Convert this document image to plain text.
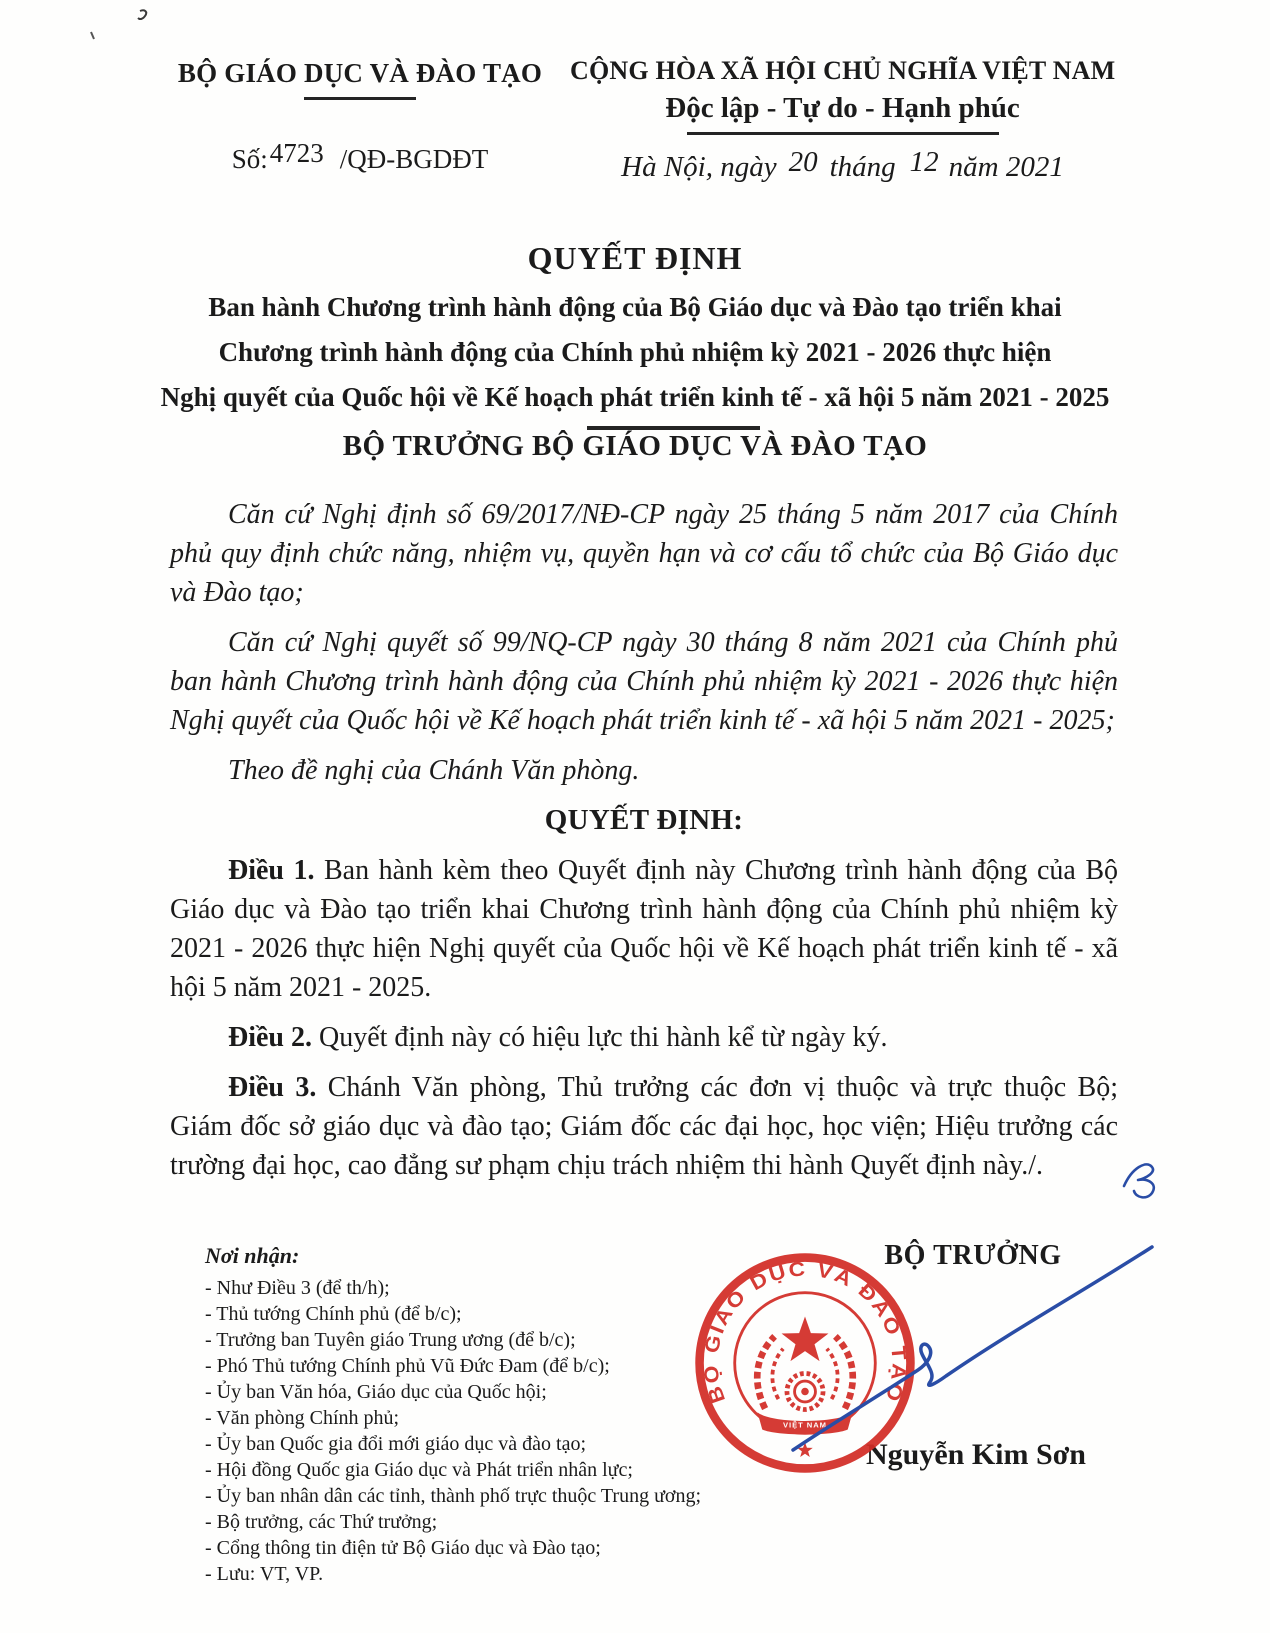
BỘ GIÁO DỤC VÀ ĐÀO TẠO
Số:4723 /QĐ-BGDĐT
CỘNG HÒA XÃ HỘI CHỦ NGHĨA VIỆT NAM
Độc lập - Tự do - Hạnh phúc
Hà Nội, ngày 20 tháng 12 năm 2021
QUYẾT ĐỊNH
Ban hành Chương trình hành động của Bộ Giáo dục và Đào tạo triển khai
Chương trình hành động của Chính phủ nhiệm kỳ 2021 - 2026 thực hiện
Nghị quyết của Quốc hội về Kế hoạch phát triển kinh tế - xã hội 5 năm 2021 - 2025
BỘ TRƯỞNG BỘ GIÁO DỤC VÀ ĐÀO TẠO

Căn cứ Nghị định số 69/2017/NĐ-CP ngày 25 tháng 5 năm 2017 của Chính phủ quy định chức năng, nhiệm vụ, quyền hạn và cơ cấu tổ chức của Bộ Giáo dục và Đào tạo;

Căn cứ Nghị quyết số 99/NQ-CP ngày 30 tháng 8 năm 2021 của Chính phủ ban hành Chương trình hành động của Chính phủ nhiệm kỳ 2021 - 2026 thực hiện Nghị quyết của Quốc hội về Kế hoạch phát triển kinh tế - xã hội 5 năm 2021 - 2025;

Theo đề nghị của Chánh Văn phòng.

QUYẾT ĐỊNH:

Điều 1. Ban hành kèm theo Quyết định này Chương trình hành động của Bộ Giáo dục và Đào tạo triển khai Chương trình hành động của Chính phủ nhiệm kỳ 2021 - 2026 thực hiện Nghị quyết của Quốc hội về Kế hoạch phát triển kinh tế - xã hội 5 năm 2021 - 2025.

Điều 2. Quyết định này có hiệu lực thi hành kể từ ngày ký.

Điều 3. Chánh Văn phòng, Thủ trưởng các đơn vị thuộc và trực thuộc Bộ; Giám đốc sở giáo dục và đào tạo; Giám đốc các đại học, học viện; Hiệu trưởng các trường đại học, cao đẳng sư phạm chịu trách nhiệm thi hành Quyết định này./.

Nơi nhận:
- Như Điều 3 (để th/h);
- Thủ tướng Chính phủ (để b/c);
- Trưởng ban Tuyên giáo Trung ương (để b/c);
- Phó Thủ tướng Chính phủ Vũ Đức Đam (để b/c);
- Ủy ban Văn hóa, Giáo dục của Quốc hội;
- Văn phòng Chính phủ;
- Ủy ban Quốc gia đổi mới giáo dục và đào tạo;
- Hội đồng Quốc gia Giáo dục và Phát triển nhân lực;
- Ủy ban nhân dân các tỉnh, thành phố trực thuộc Trung ương;
- Bộ trưởng, các Thứ trưởng;
- Cổng thông tin điện tử Bộ Giáo dục và Đào tạo;
- Lưu: VT, VP.
BỘ TRƯỞNG
Nguyễn Kim Sơn
BỘ GIÁO DỤC VÀ ĐÀO TẠO
VIỆT NAM
